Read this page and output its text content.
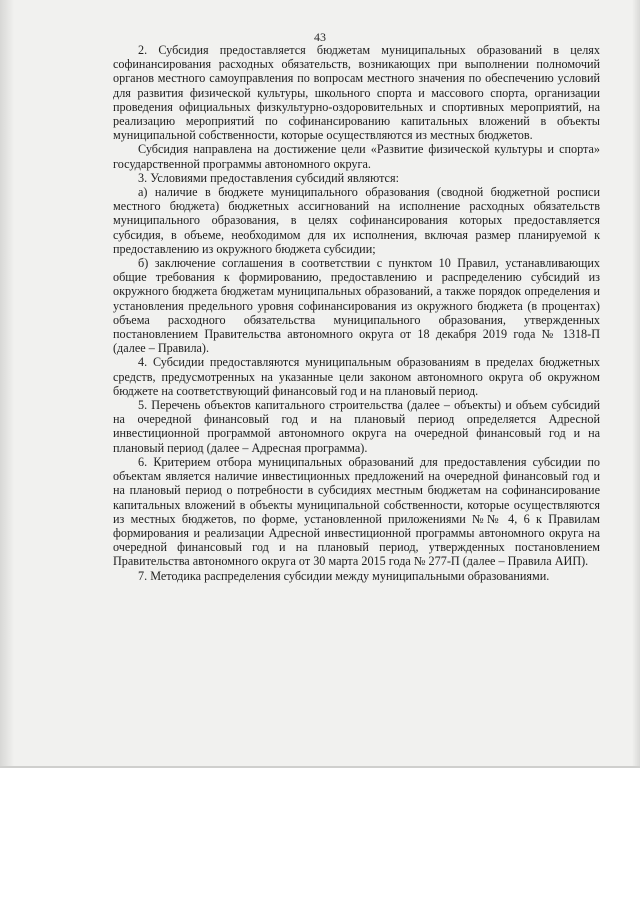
43

2. Субсидия предоставляется бюджетам муниципальных образований в целях софинансирования расходных обязательств, возникающих при выполнении полномочий органов местного самоуправления по вопросам местного значения по обеспечению условий для развития физической культуры, школьного спорта и массового спорта, организации проведения официальных физкультурно-оздоровительных и спортивных мероприятий, на реализацию мероприятий по софинансированию капитальных вложений в объекты муниципальной собственности, которые осуществляются из местных бюджетов.

Субсидия направлена на достижение цели «Развитие физической культуры и спорта» государственной программы автономного округа.

3. Условиями предоставления субсидий являются:

а) наличие в бюджете муниципального образования (сводной бюджетной росписи местного бюджета) бюджетных ассигнований на исполнение расходных обязательств муниципального образования, в целях софинансирования которых предоставляется субсидия, в объеме, необходимом для их исполнения, включая размер планируемой к предоставлению из окружного бюджета субсидии;

б) заключение соглашения в соответствии с пунктом 10 Правил, устанавливающих общие требования к формированию, предоставлению и распределению субсидий из окружного бюджета бюджетам муниципальных образований, а также порядок определения и установления предельного уровня софинансирования из окружного бюджета (в процентах) объема расходного обязательства муниципального образования, утвержденных постановлением Правительства автономного округа от 18 декабря 2019 года № 1318-П (далее – Правила).

4. Субсидии предоставляются муниципальным образованиям в пределах бюджетных средств, предусмотренных на указанные цели законом автономного округа об окружном бюджете на соответствующий финансовый год и на плановый период.

5. Перечень объектов капитального строительства (далее – объекты) и объем субсидий на очередной финансовый год и на плановый период определяется Адресной инвестиционной программой автономного округа на очередной финансовый год и на плановый период (далее – Адресная программа).

6. Критерием отбора муниципальных образований для предоставления субсидии по объектам является наличие инвестиционных предложений на очередной финансовый год и на плановый период о потребности в субсидиях местным бюджетам на софинансирование капитальных вложений в объекты муниципальной собственности, которые осуществляются из местных бюджетов, по форме, установленной приложениями №№ 4, 6 к Правилам формирования и реализации Адресной инвестиционной программы автономного округа на очередной финансовый год и на плановый период, утвержденных постановлением Правительства автономного округа от 30 марта 2015 года № 277-П (далее – Правила АИП).

7. Методика распределения субсидии между муниципальными образованиями.
